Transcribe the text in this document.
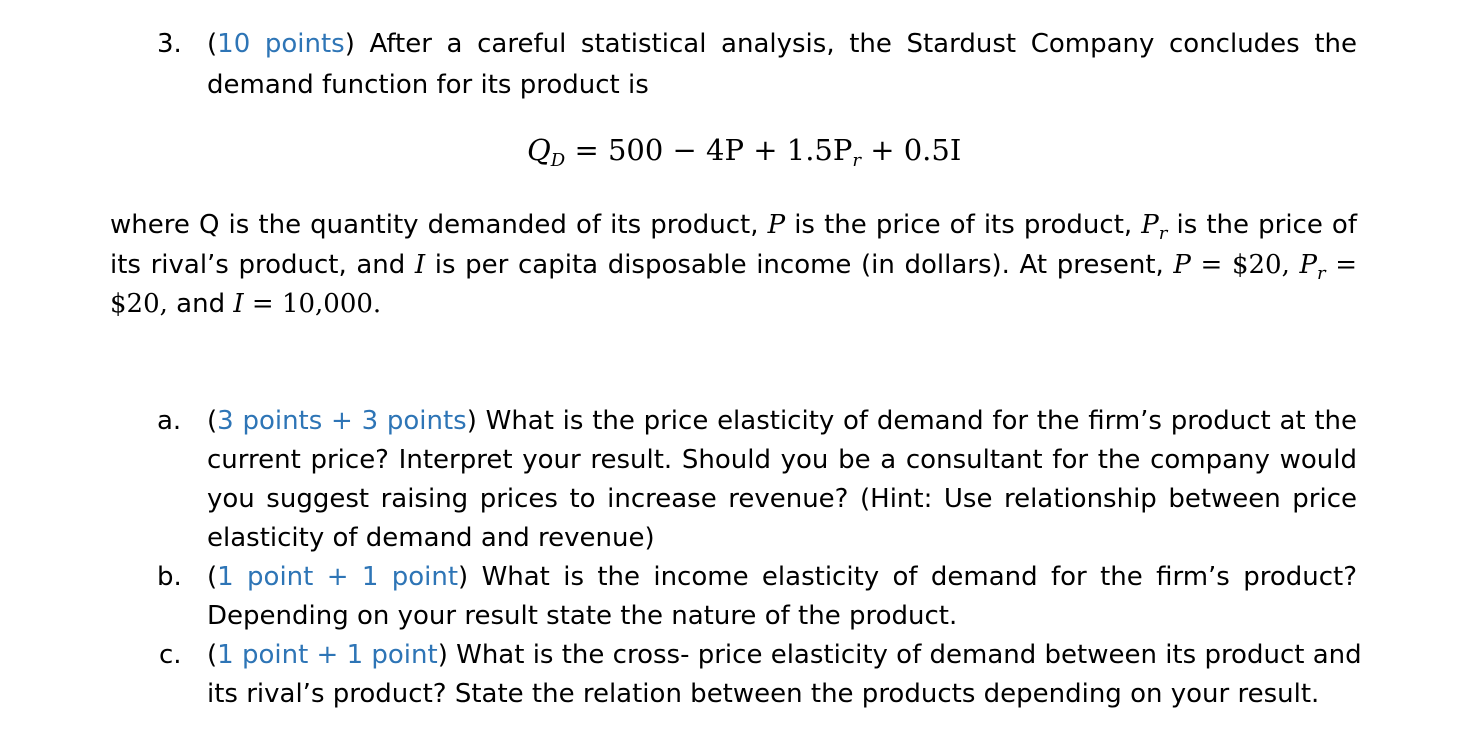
3. (10 points) After a careful statistical analysis, the Stardust Company concludes the
demand function for its product is
$Q_D = 500 - 4P + 1.5P_r + 0.5I$
where Q is the quantity demanded of its product, P is the price of its product, $P_r$ is the price of
its rival’s product, and I is per capita disposable income (in dollars). At present, P = $20, $P_r$ =
$20, and I = 10,000.
a. (3 points + 3 points) What is the price elasticity of demand for the firm’s product at the
current price? Interpret your result. Should you be a consultant for the company would
you suggest raising prices to increase revenue? (Hint: Use relationship between price
elasticity of demand and revenue)
b. (1 point + 1 point) What is the income elasticity of demand for the firm’s product?
Depending on your result state the nature of the product.
c. (1 point + 1 point) What is the cross- price elasticity of demand between its product and
its rival’s product? State the relation between the products depending on your result.
